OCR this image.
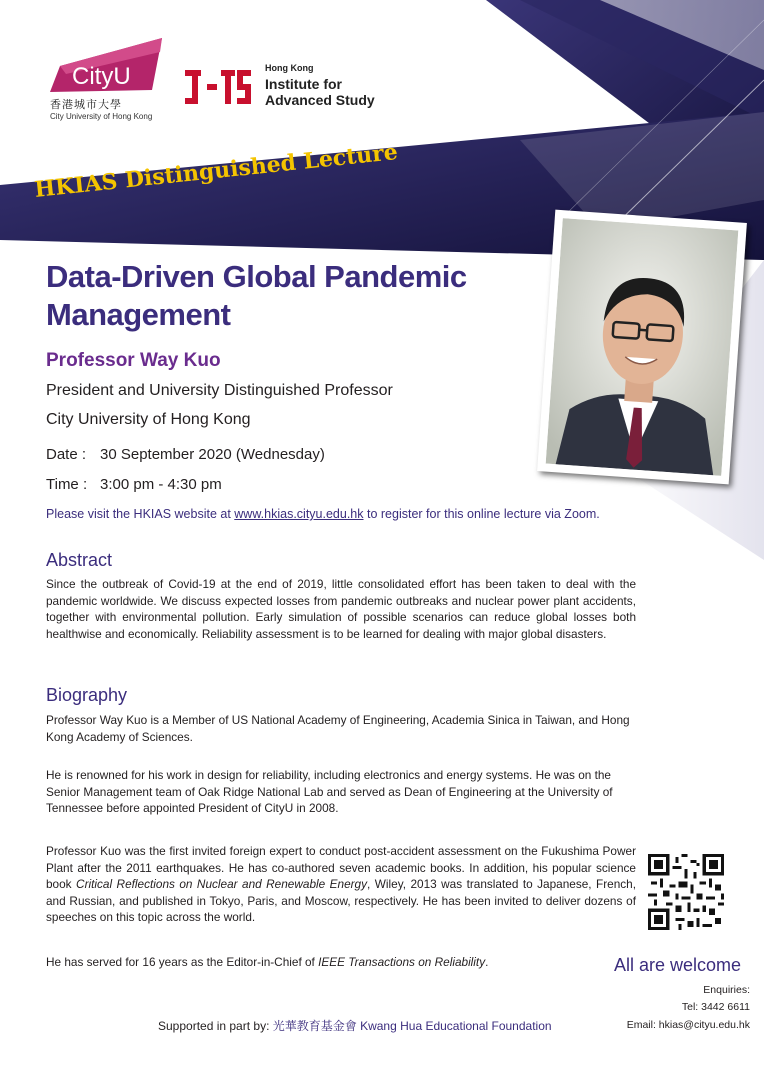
CityU
香港城市大學
City University of Hong Kong
Hong Kong
Institute for Advanced Study
HKIAS Distinguished Lecture
Data-Driven Global Pandemic Management
Professor Way Kuo
President and University Distinguished Professor
City University of Hong Kong
Date : 30 September 2020 (Wednesday)
Time : 3:00 pm - 4:30 pm
Please visit the HKIAS website at www.hkias.cityu.edu.hk to register for this online lecture via Zoom.
Abstract
Since the outbreak of Covid-19 at the end of 2019, little consolidated effort has been taken to deal with the pandemic worldwide. We discuss expected losses from pandemic outbreaks and nuclear power plant accidents, together with environmental pollution. Early simulation of possible scenarios can reduce global losses both healthwise and economically. Reliability assessment is to be learned for dealing with major global disasters.
Biography
Professor Way Kuo is a Member of US National Academy of Engineering, Academia Sinica in Taiwan, and Hong Kong Academy of Sciences.
He is renowned for his work in design for reliability, including electronics and energy systems. He was on the Senior Management team of Oak Ridge National Lab and served as Dean of Engineering at the University of Tennessee before appointed President of CityU in 2008.
Professor Kuo was the first invited foreign expert to conduct post-accident assessment on the Fukushima Power Plant after the 2011 earthquakes. He has co-authored seven academic books. In addition, his popular science book Critical Reflections on Nuclear and Renewable Energy, Wiley, 2013 was translated to Japanese, French, and Russian, and published in Tokyo, Paris, and Moscow, respectively. He has been invited to deliver dozens of speeches on this topic across the world.
He has served for 16 years as the Editor-in-Chief of IEEE Transactions on Reliability.	All are welcome
Enquiries:
Tel: 3442 6611
Email: hkias@cityu.edu.hk
Supported in part by: 光華教育基金會 Kwang Hua Educational Foundation
